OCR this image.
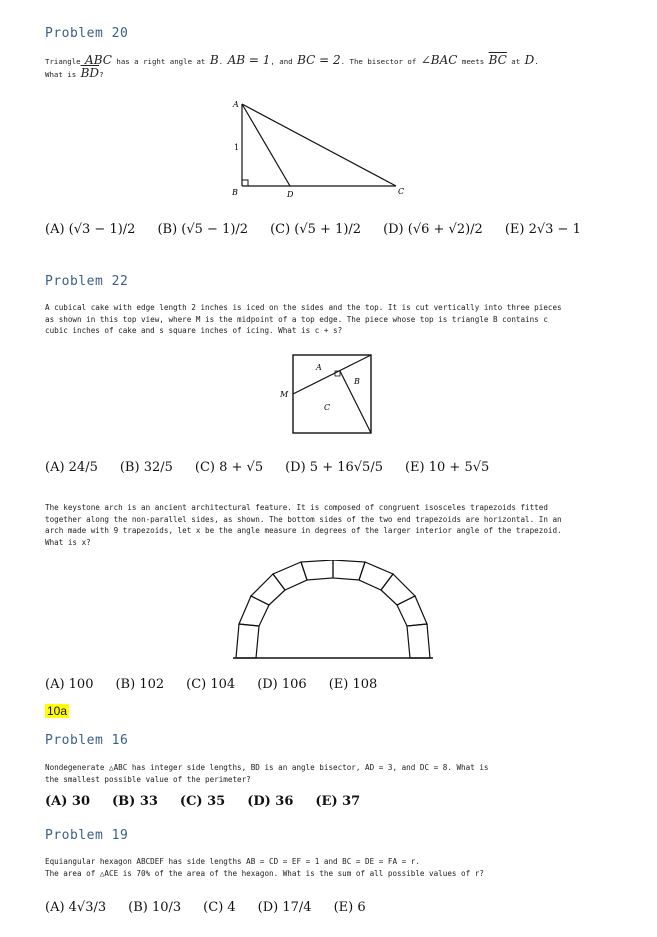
Problem 20
Triangle ABC has a right angle at B. AB = 1, and BC = 2. The bisector of ∠BAC meets $\overline{BC}$ at D.
What is $\overline{BD}$?
A
1
B	D	C
(A) (√3 − 1)/2 (B) (√5 − 1)/2 (C) (√5 + 1)/2 (D) (√6 + √2)/2 (E) 2√3 − 1
Problem 22
A cubical cake with edge length 2 inches is iced on the sides and the top. It is cut vertically into three pieces
as shown in this top view, where M is the midpoint of a top edge. The piece whose top is triangle B contains c
cubic inches of cake and s square inches of icing. What is c + s?
A
B
C
M
(A) 24/5 (B) 32/5 (C) 8 + √5 (D) 5 + 16√5/5 (E) 10 + 5√5
The keystone arch is an ancient architectural feature. It is composed of congruent isosceles trapezoids fitted
together along the non-parallel sides, as shown. The bottom sides of the two end trapezoids are horizontal. In an
arch made with 9 trapezoids, let x be the angle measure in degrees of the larger interior angle of the trapezoid.
What is x?
(A) 100 (B) 102 (C) 104 (D) 106 (E) 108
10a
Problem 16
Nondegenerate △ABC has integer side lengths, BD is an angle bisector, AD = 3, and DC = 8. What is
the smallest possible value of the perimeter?
(A) 30 (B) 33 (C) 35 (D) 36 (E) 37
Problem 19
Equiangular hexagon ABCDEF has side lengths AB = CD = EF = 1 and BC = DE = FA = r.
The area of △ACE is 70% of the area of the hexagon. What is the sum of all possible values of r?
(A) 4√3/3 (B) 10/3 (C) 4 (D) 17/4 (E) 6
